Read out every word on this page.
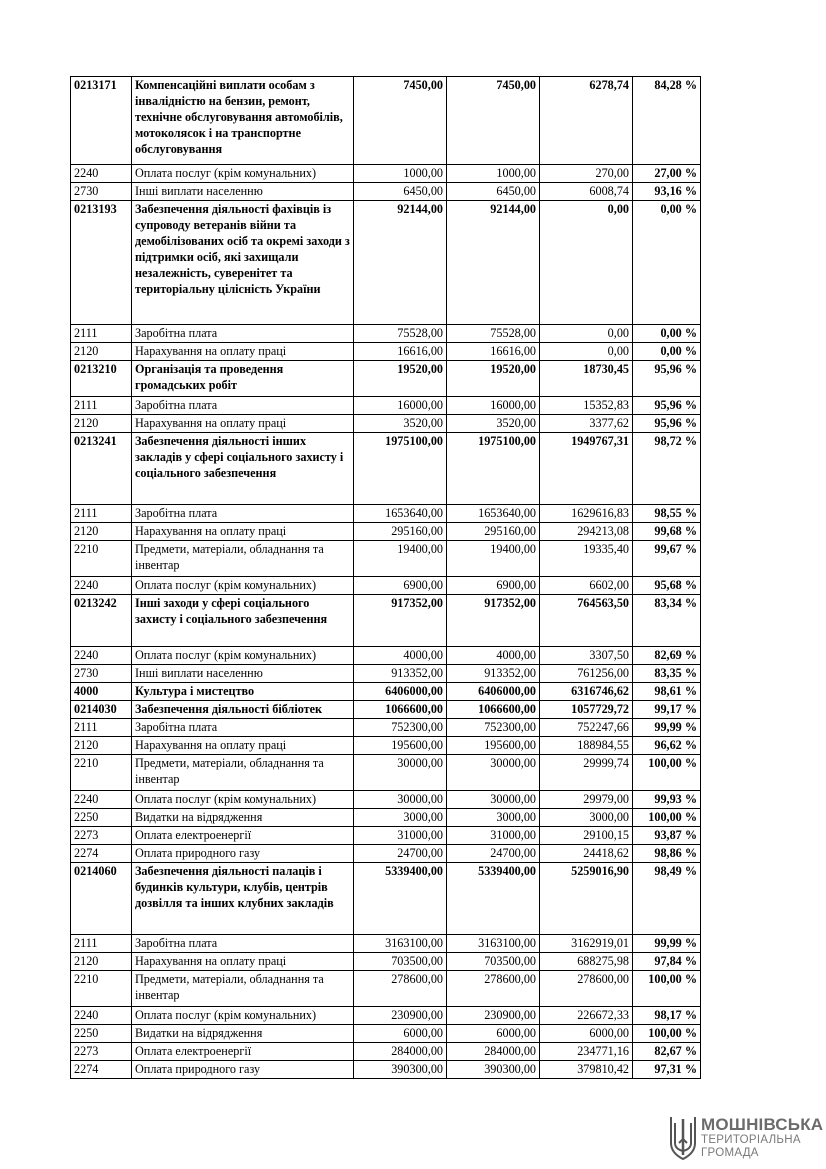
0213171	Компенсаційні виплати особам з інвалідністю на бензин, ремонт, технічне обслуговування автомобілів, мотоколясок і на транспортне обслуговування	7450,00	7450,00	6278,74	84,28 %
2240	Оплата послуг (крім комунальних)	1000,00	1000,00	270,00	27,00 %
2730	Інші виплати населенню	6450,00	6450,00	6008,74	93,16 %
0213193	Забезпечення діяльності фахівців із супроводу ветеранів війни та демобілізованих осіб та окремі заходи з підтримки осіб, які захищали незалежність, суверенітет та територіальну цілісність України	92144,00	92144,00	0,00	0,00 %
2111	Заробітна плата	75528,00	75528,00	0,00	0,00 %
2120	Нарахування на оплату праці	16616,00	16616,00	0,00	0,00 %
0213210	Організація та проведення громадських робіт	19520,00	19520,00	18730,45	95,96 %
2111	Заробітна плата	16000,00	16000,00	15352,83	95,96 %
2120	Нарахування на оплату праці	3520,00	3520,00	3377,62	95,96 %
0213241	Забезпечення діяльності інших закладів у сфері соціального захисту і соціального забезпечення	1975100,00	1975100,00	1949767,31	98,72 %
2111	Заробітна плата	1653640,00	1653640,00	1629616,83	98,55 %
2120	Нарахування на оплату праці	295160,00	295160,00	294213,08	99,68 %
2210	Предмети, матеріали, обладнання та інвентар	19400,00	19400,00	19335,40	99,67 %
2240	Оплата послуг (крім комунальних)	6900,00	6900,00	6602,00	95,68 %
0213242	Інші заходи у сфері соціального захисту і соціального забезпечення	917352,00	917352,00	764563,50	83,34 %
2240	Оплата послуг (крім комунальних)	4000,00	4000,00	3307,50	82,69 %
2730	Інші виплати населенню	913352,00	913352,00	761256,00	83,35 %
4000	Культура і мистецтво	6406000,00	6406000,00	6316746,62	98,61 %
0214030	Забезпечення діяльності бібліотек	1066600,00	1066600,00	1057729,72	99,17 %
2111	Заробітна плата	752300,00	752300,00	752247,66	99,99 %
2120	Нарахування на оплату праці	195600,00	195600,00	188984,55	96,62 %
2210	Предмети, матеріали, обладнання та інвентар	30000,00	30000,00	29999,74	100,00 %
2240	Оплата послуг (крім комунальних)	30000,00	30000,00	29979,00	99,93 %
2250	Видатки на відрядження	3000,00	3000,00	3000,00	100,00 %
2273	Оплата електроенергії	31000,00	31000,00	29100,15	93,87 %
2274	Оплата природного газу	24700,00	24700,00	24418,62	98,86 %
0214060	Забезпечення діяльності палаців і будинків культури, клубів, центрів дозвілля та інших клубних закладів	5339400,00	5339400,00	5259016,90	98,49 %
2111	Заробітна плата	3163100,00	3163100,00	3162919,01	99,99 %
2120	Нарахування на оплату праці	703500,00	703500,00	688275,98	97,84 %
2210	Предмети, матеріали, обладнання та інвентар	278600,00	278600,00	278600,00	100,00 %
2240	Оплата послуг (крім комунальних)	230900,00	230900,00	226672,33	98,17 %
2250	Видатки на відрядження	6000,00	6000,00	6000,00	100,00 %
2273	Оплата електроенергії	284000,00	284000,00	234771,16	82,67 %
2274	Оплата природного газу	390300,00	390300,00	379810,42	97,31 %
МОШНІВСЬКА
ТЕРИТОРІАЛЬНА
ГРОМАДА
